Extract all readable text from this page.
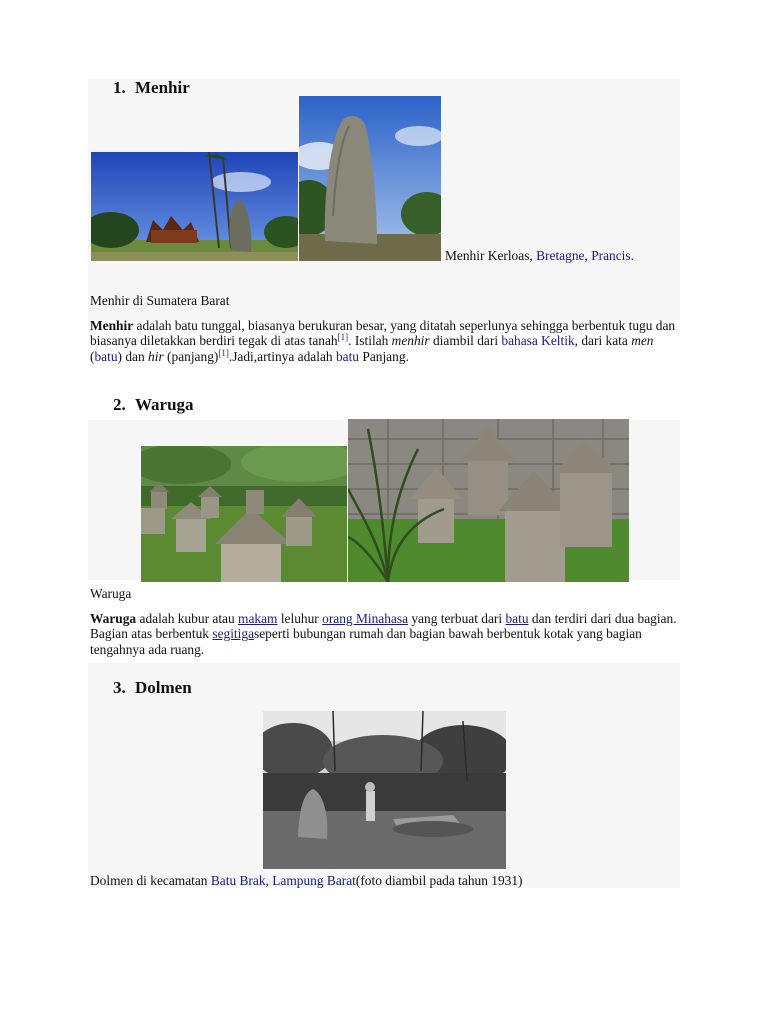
1. Menhir

Menhir Kerloas, Bretagne, Prancis.

Menhir di Sumatera Barat

Menhir adalah batu tunggal, biasanya berukuran besar, yang ditatah seperlunya sehingga berbentuk tugu dan biasanya diletakkan berdiri tegak di atas tanah[1]. Istilah menhir diambil dari bahasa Keltik, dari kata men (batu) dan hir (panjang)[1].Jadi,artinya adalah batu Panjang.

2. Waruga

Waruga

Waruga adalah kubur atau makam leluhur orang Minahasa yang terbuat dari batu dan terdiri dari dua bagian. Bagian atas berbentuk segitigaseperti bubungan rumah dan bagian bawah berbentuk kotak yang bagian tengahnya ada ruang.

3. Dolmen

Dolmen di kecamatan Batu Brak, Lampung Barat(foto diambil pada tahun 1931)
